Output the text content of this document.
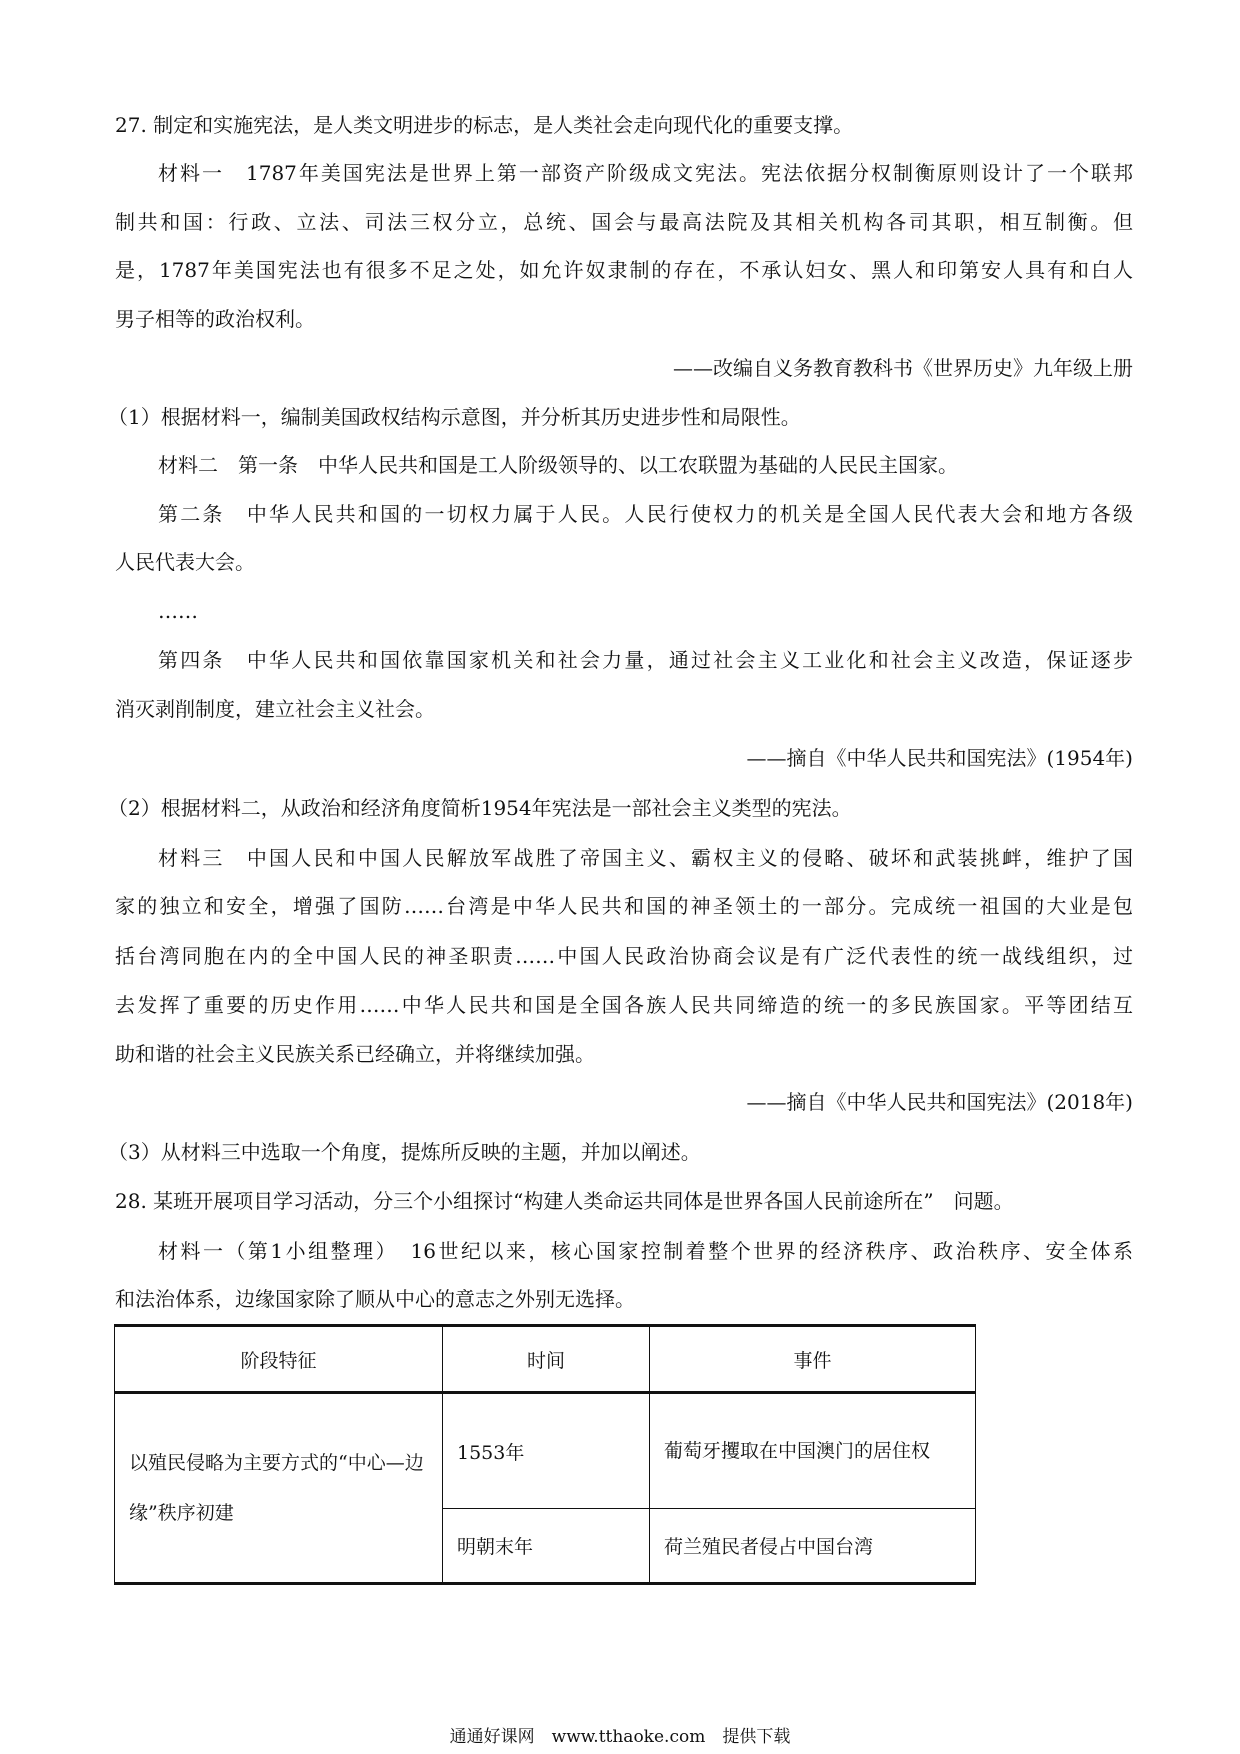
27. 制定和实施宪法，是人类文明进步的标志，是人类社会走向现代化的重要支撑。
材料一　1787年美国宪法是世界上第一部资产阶级成文宪法。宪法依据分权制衡原则设计了一个联邦
制共和国：行政、立法、司法三权分立，总统、国会与最高法院及其相关机构各司其职，相互制衡。但
是，1787年美国宪法也有很多不足之处，如允许奴隶制的存在，不承认妇女、黑人和印第安人具有和白人
男子相等的政治权利。
——改编自义务教育教科书《世界历史》九年级上册
（1）根据材料一，编制美国政权结构示意图，并分析其历史进步性和局限性。
材料二　第一条　中华人民共和国是工人阶级领导的、以工农联盟为基础的人民民主国家。
第二条　中华人民共和国的一切权力属于人民。人民行使权力的机关是全国人民代表大会和地方各级
人民代表大会。
……
第四条　中华人民共和国依靠国家机关和社会力量，通过社会主义工业化和社会主义改造，保证逐步
消灭剥削制度，建立社会主义社会。
——摘自《中华人民共和国宪法》(1954年)
（2）根据材料二，从政治和经济角度简析1954年宪法是一部社会主义类型的宪法。
材料三　中国人民和中国人民解放军战胜了帝国主义、霸权主义的侵略、破坏和武装挑衅，维护了国
家的独立和安全，增强了国防……台湾是中华人民共和国的神圣领土的一部分。完成统一祖国的大业是包
括台湾同胞在内的全中国人民的神圣职责……中国人民政治协商会议是有广泛代表性的统一战线组织，过
去发挥了重要的历史作用……中华人民共和国是全国各族人民共同缔造的统一的多民族国家。平等团结互
助和谐的社会主义民族关系已经确立，并将继续加强。
——摘自《中华人民共和国宪法》(2018年)
（3）从材料三中选取一个角度，提炼所反映的主题，并加以阐述。
28. 某班开展项目学习活动，分三个小组探讨“构建人类命运共同体是世界各国人民前途所在”　问题。
材料一（第1小组整理）　16世纪以来，核心国家控制着整个世界的经济秩序、政治秩序、安全体系
和法治体系，边缘国家除了顺从中心的意志之外别无选择。
阶段特征	时间	事件
以殖民侵略为主要方式的“中心—边缘”秩序初建	1553年	葡萄牙攫取在中国澳门的居住权
	明朝末年	荷兰殖民者侵占中国台湾
通通好课网　www.tthaoke.com　提供下载
